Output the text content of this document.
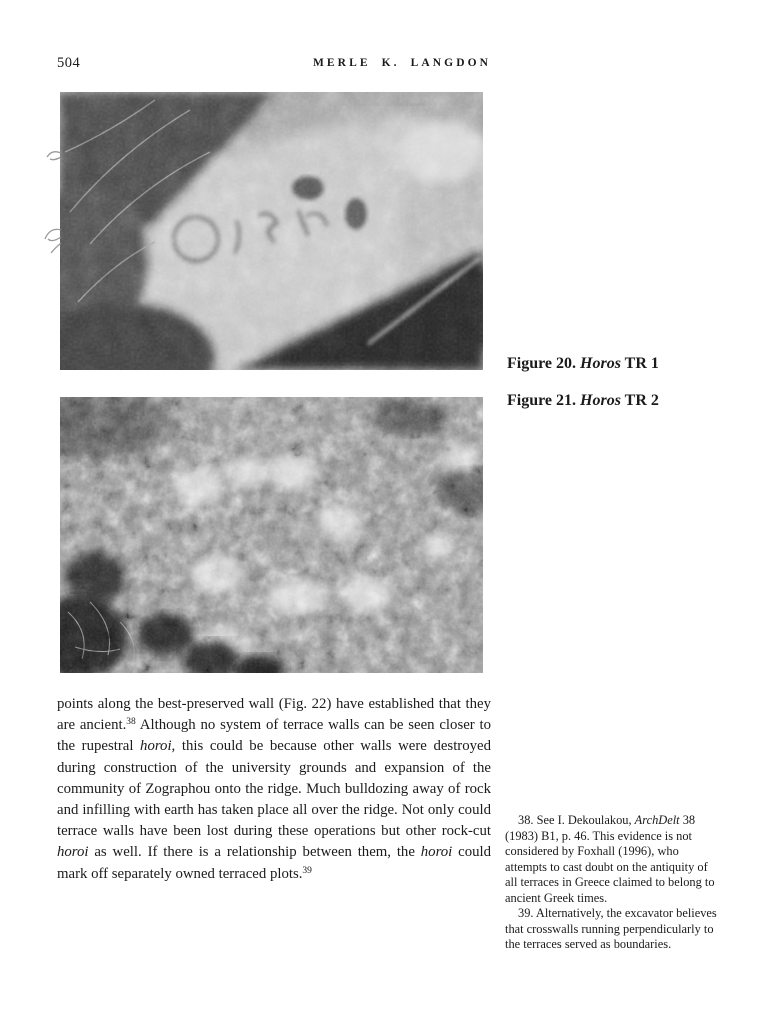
504	MERLE K. LANGDON
Figure 20. Horos TR 1
Figure 21. Horos TR 2
points along the best-preserved wall (Fig. 22) have established that they are ancient.$^{38}$ Although no system of terrace walls can be seen closer to the rupestral horoi, this could be because other walls were destroyed during construction of the university grounds and expansion of the community of Zographou onto the ridge. Much bulldozing away of rock and infilling with earth has taken place all over the ridge. Not only could terrace walls have been lost during these operations but other rock-cut horoi as well. If there is a relationship between them, the horoi could mark off separately owned terraced plots.$^{39}$

38. See I. Dekoulakou, ArchDelt 38 (1983) B1, p. 46. This evidence is not considered by Foxhall (1996), who attempts to cast doubt on the antiquity of all terraces in Greece claimed to belong to ancient Greek times.

39. Alternatively, the excavator believes that crosswalls running perpendicularly to the terraces served as boundaries.
